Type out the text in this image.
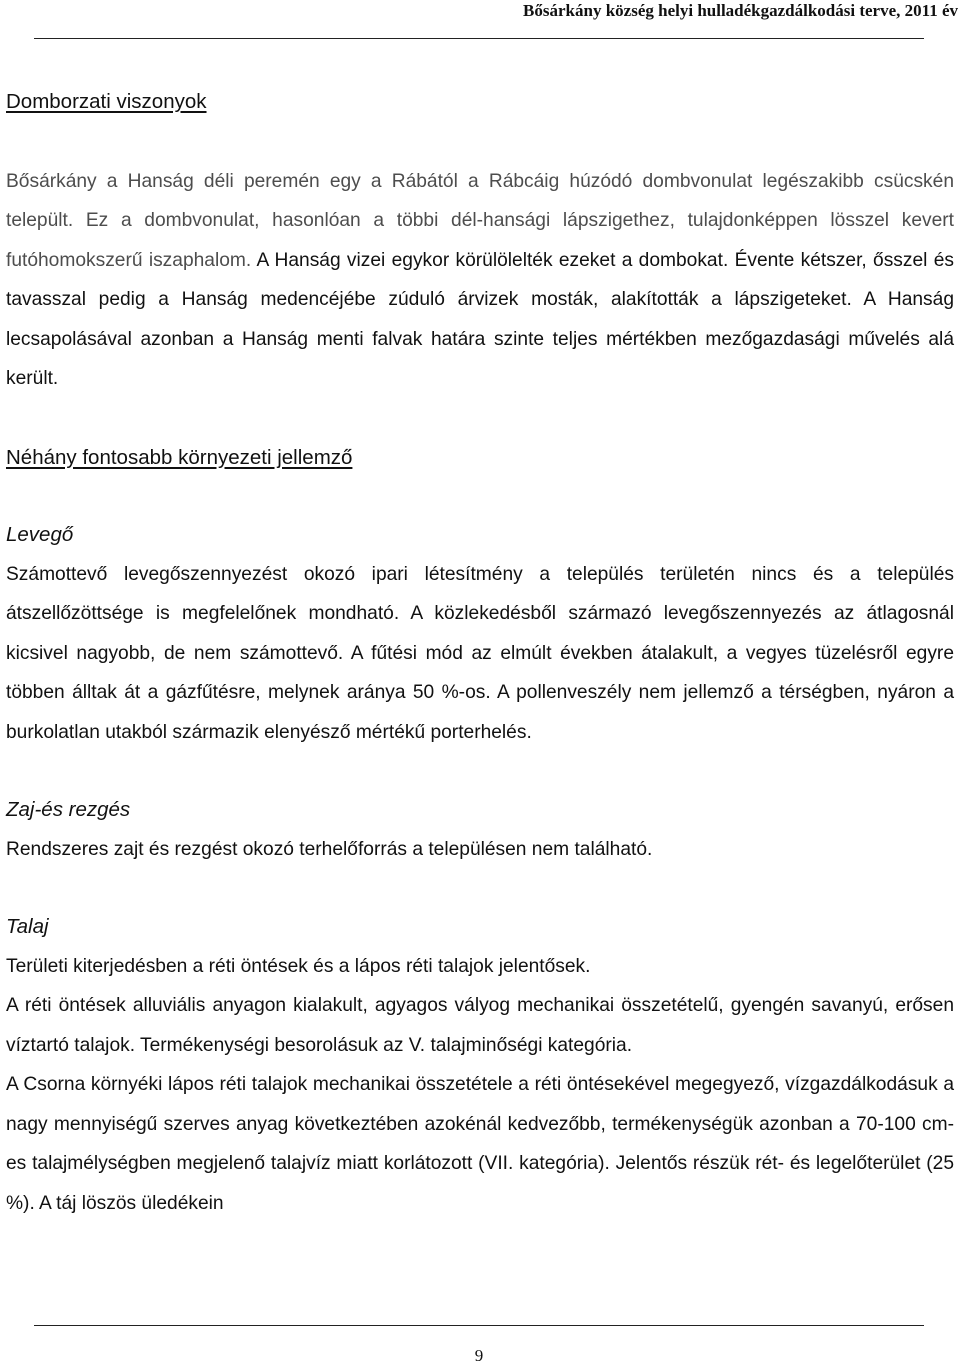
Bősárkány község helyi hulladékgazdálkodási terve, 2011 év
Domborzati viszonyok

Bősárkány a Hanság déli peremén egy a Rábától a Rábcáig húzódó dombvonulat legészakibb csücskén települt. Ez a dombvonulat, hasonlóan a többi dél-hansági lápszigethez, tulajdonképpen lösszel kevert futóhomokszerű iszaphalom. A Hanság vizei egykor körülölelték ezeket a dombokat. Évente kétszer, ősszel és tavasszal pedig a Hanság medencéjébe zúduló árvizek mosták, alakították a lápszigeteket. A Hanság lecsapolásával azonban a Hanság menti falvak határa szinte teljes mértékben mezőgazdasági művelés alá került.

Néhány fontosabb környezeti jellemző
Levegő

Számottevő levegőszennyezést okozó ipari létesítmény a település területén nincs és a település átszellőzöttsége is megfelelőnek mondható. A közlekedésből származó levegőszennyezés az átlagosnál kicsivel nagyobb, de nem számottevő. A fűtési mód az elmúlt években átalakult, a vegyes tüzelésről egyre többen álltak át a gázfűtésre, melynek aránya 50 %-os. A pollenveszély nem jellemző a térségben, nyáron a burkolatlan utakból származik elenyésző mértékű porterhelés.

Zaj-és rezgés

Rendszeres zajt és rezgést okozó terhelőforrás a településen nem található.

Talaj

Területi kiterjedésben a réti öntések és a lápos réti talajok jelentősek.

A réti öntések alluviális anyagon kialakult, agyagos vályog mechanikai összetételű, gyengén savanyú, erősen víztartó talajok. Termékenységi besorolásuk az V. talajminőségi kategória.

A Csorna környéki lápos réti talajok mechanikai összetétele a réti öntésekével megegyező, vízgazdálkodásuk a nagy mennyiségű szerves anyag következtében azokénál kedvezőbb, termékenységük azonban a 70-100 cm-es talajmélységben megjelenő talajvíz miatt korlátozott (VII. kategória). Jelentős részük rét- és legelőterület (25 %). A táj löszös üledékein

9
